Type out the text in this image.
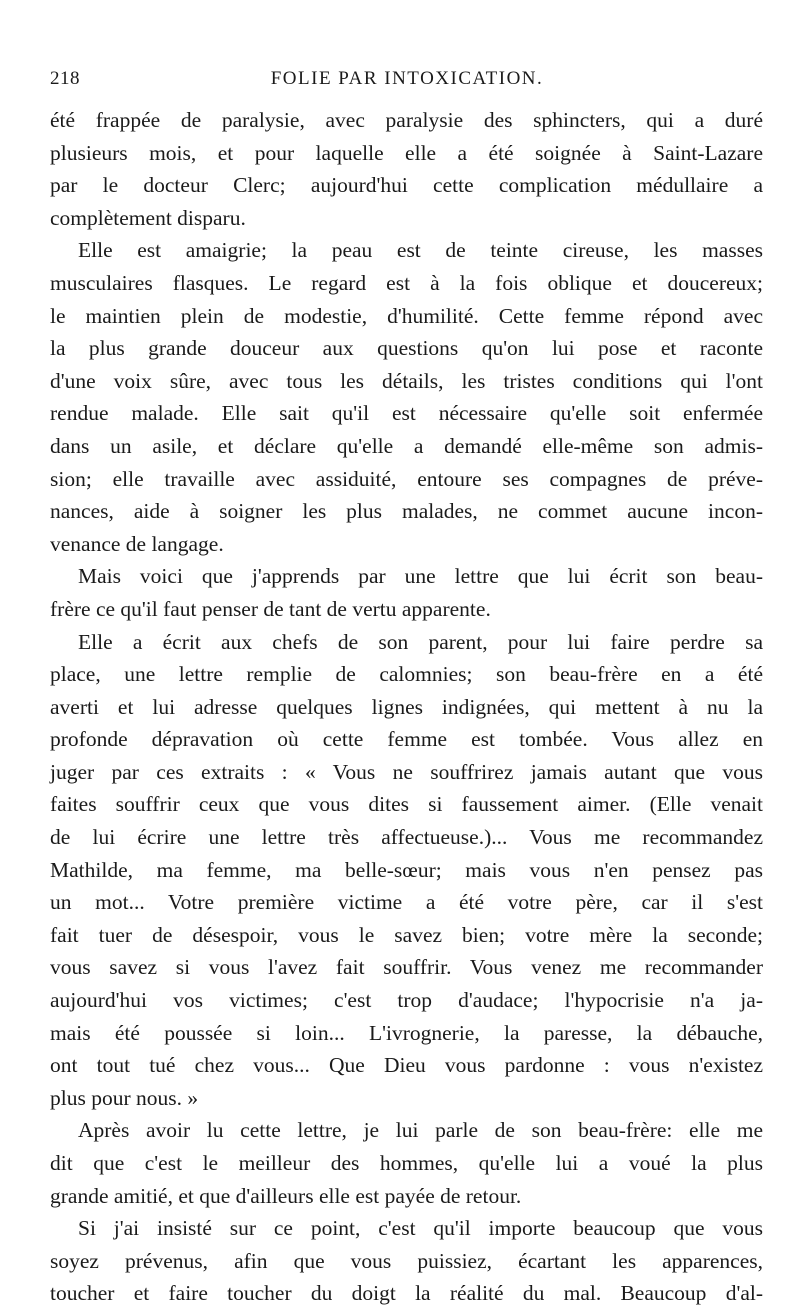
218	FOLIE PAR INTOXICATION.
été frappée de paralysie, avec paralysie des sphincters, qui a duré
plusieurs mois, et pour laquelle elle a été soignée à Saint-Lazare
par le docteur Clerc; aujourd'hui cette complication médullaire a
complètement disparu.
Elle est amaigrie; la peau est de teinte cireuse, les masses
musculaires flasques. Le regard est à la fois oblique et doucereux;
le maintien plein de modestie, d'humilité. Cette femme répond avec
la plus grande douceur aux questions qu'on lui pose et raconte
d'une voix sûre, avec tous les détails, les tristes conditions qui l'ont
rendue malade. Elle sait qu'il est nécessaire qu'elle soit enfermée
dans un asile, et déclare qu'elle a demandé elle-même son admis-
sion; elle travaille avec assiduité, entoure ses compagnes de préve-
nances, aide à soigner les plus malades, ne commet aucune incon-
venance de langage.
Mais voici que j'apprends par une lettre que lui écrit son beau-
frère ce qu'il faut penser de tant de vertu apparente.
Elle a écrit aux chefs de son parent, pour lui faire perdre sa
place, une lettre remplie de calomnies; son beau-frère en a été
averti et lui adresse quelques lignes indignées, qui mettent à nu la
profonde dépravation où cette femme est tombée. Vous allez en
juger par ces extraits : « Vous ne souffrirez jamais autant que vous
faites souffrir ceux que vous dites si faussement aimer. (Elle venait
de lui écrire une lettre très affectueuse.)... Vous me recommandez
Mathilde, ma femme, ma belle-sœur; mais vous n'en pensez pas
un mot... Votre première victime a été votre père, car il s'est
fait tuer de désespoir, vous le savez bien; votre mère la seconde;
vous savez si vous l'avez fait souffrir. Vous venez me recommander
aujourd'hui vos victimes; c'est trop d'audace; l'hypocrisie n'a ja-
mais été poussée si loin... L'ivrognerie, la paresse, la débauche,
ont tout tué chez vous... Que Dieu vous pardonne : vous n'existez
plus pour nous. »
Après avoir lu cette lettre, je lui parle de son beau-frère: elle me
dit que c'est le meilleur des hommes, qu'elle lui a voué la plus
grande amitié, et que d'ailleurs elle est payée de retour.
Si j'ai insisté sur ce point, c'est qu'il importe beaucoup que vous
soyez prévenus, afin que vous puissiez, écartant les apparences,
toucher et faire toucher du doigt la réalité du mal. Beaucoup d'al-
